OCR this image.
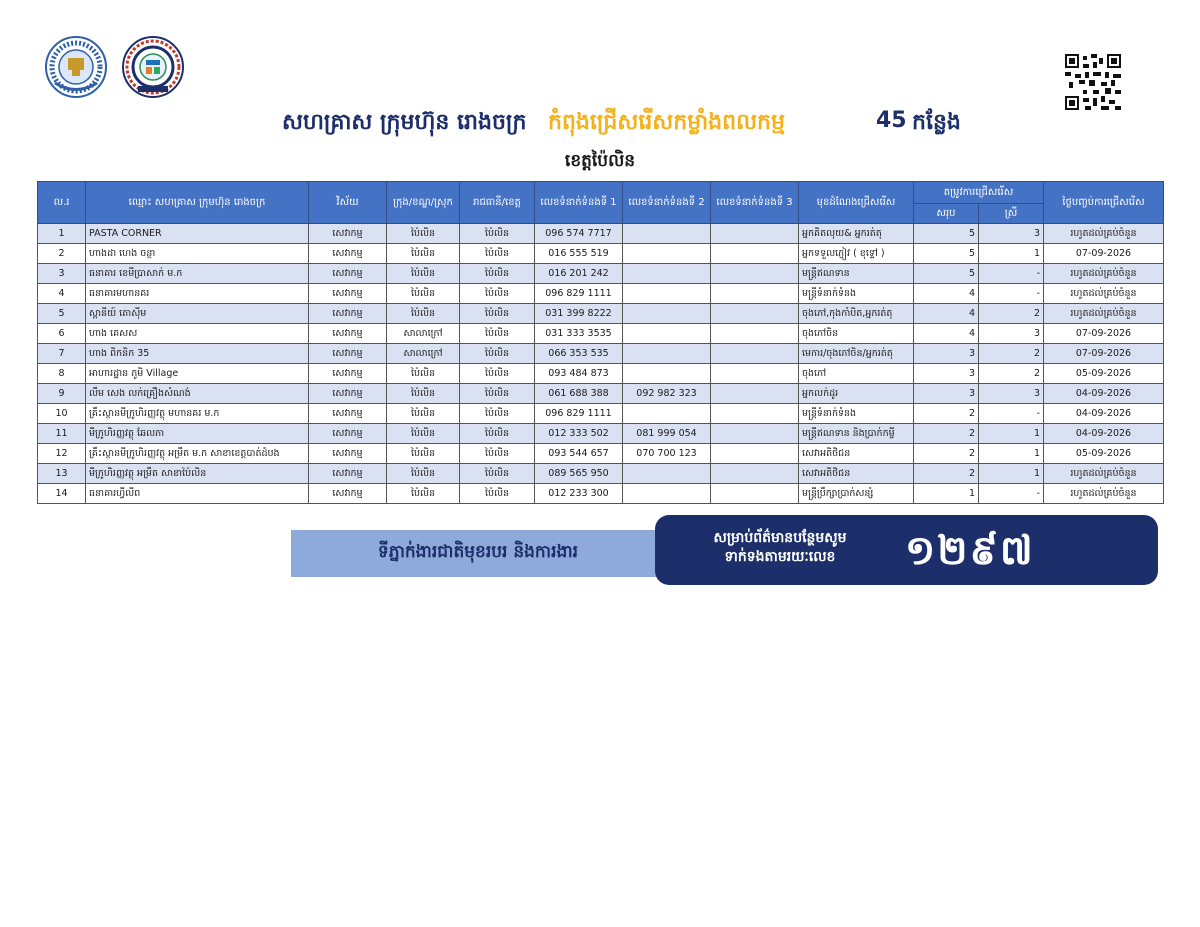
សហគ្រាស ក្រុមហ៊ុន រោងចក្រ កំពុងជ្រើសរើសកម្លាំងពលកម្ម	45 កន្លែង
ខេត្តប៉ៃលិន
ល.រ	ឈ្មោះ សហគ្រាស ក្រុមហ៊ុន រោងចក្រ	វិស័យ	ក្រុង/ខណ្ឌ/ស្រុក	រាជធានី/ខេត្ត	លេខទំនាក់ទំនងទី 1	លេខទំនាក់ទំនងទី 2	លេខទំនាក់ទំនងទី 3	មុខដំណែងជ្រើសរើស	តម្រូវការជ្រើសរើស		ថ្ងៃបញ្ចប់ការជ្រើសរើស
									សរុប	ស្រី	
1	PASTA CORNER	សេវាកម្ម	ប៉ៃលិន	ប៉ៃលិន	096 574 7717			អ្នកគិតលុយ& អ្នករត់តុ	5	3	រហូតដល់គ្រប់ចំនួន
2	ហាងដា ហេង ចន្ថា	សេវាកម្ម	ប៉ៃលិន	ប៉ៃលិន	016 555 519			អ្នកទទួលភ្ញៀវ ( ខុទ្ទៅ )	5	1	07-09-2026
3	ធនាគារ ខេមីប្រាសាក់ ម.ក	សេវាកម្ម	ប៉ៃលិន	ប៉ៃលិន	016 201 242			មន្ត្រីឥណទាន	5	-	រហូតដល់គ្រប់ចំនួន
4	ធនាគារមហានគរ	សេវាកម្ម	ប៉ៃលិន	ប៉ៃលិន	096 829 1111			មន្ត្រីទំនាក់ទំនង	4	-	រហូតដល់គ្រប់ចំនួន
5	ស្ពានីយ៍ តោស៊ីម	សេវាកម្ម	ប៉ៃលិន	ប៉ៃលិន	031 399 8222			ចុងភៅ,កុងកាំបិត,អ្នករត់តុ	4	2	រហូតដល់គ្រប់ចំនួន
6	ហាង គេសស	សេវាកម្ម	សាលាក្រៅ	ប៉ៃលិន	031 333 3535			ចុងភៅចិន	4	3	07-09-2026
7	ហាង ពិកនិក 35	សេវាកម្ម	សាលាក្រៅ	ប៉ៃលិន	066 353 535			មេការ/ចុងភៅចិន/អ្នករត់តុ	3	2	07-09-2026
8	អាហារដ្ឋាន ភូមិ Village	សេវាកម្ម	ប៉ៃលិន	ប៉ៃលិន	093 484 873			ចុងភៅ	3	2	05-09-2026
9	លឹម សេង លក់គ្រឿងសំណង់	សេវាកម្ម	ប៉ៃលិន	ប៉ៃលិន	061 688 388	092 982 323		អ្នកលក់ដូរ	3	3	04-09-2026
10	គ្រឹះស្ថានមីក្រូហិរញ្ញវត្ថុ មហានគរ ម.ក	សេវាកម្ម	ប៉ៃលិន	ប៉ៃលិន	096 829 1111			មន្ត្រីទំនាក់ទំនង	2	-	04-09-2026
11	មីក្រូហិរញ្ញវត្ថុ ឆែលភា	សេវាកម្ម	ប៉ៃលិន	ប៉ៃលិន	012 333 502	081 999 054		មន្ត្រីឥណទាន និងប្រាក់កម្ចី	2	1	04-09-2026
12	គ្រឹះស្ថានមីក្រូហិរញ្ញវត្ថុ អម្រឹត ម.ក សាខាខេត្តបាត់ដំបង	សេវាកម្ម	ប៉ៃលិន	ប៉ៃលិន	093 544 657	070 700 123		សេវាអតិថិជន	2	1	05-09-2026
13	មីក្រូហិរញ្ញវត្ថុ អម្រឹត សាខាប៉ៃលិន	សេវាកម្ម	ប៉ៃលិន	ប៉ៃលិន	089 565 950			សេវាអតិថិជន	2	1	រហូតដល់គ្រប់ចំនួន
14	ធនាគារហ្វីលីព	សេវាកម្ម	ប៉ៃលិន	ប៉ៃលិន	012 233 300			មន្ត្រីប្រឹក្សាប្រាក់សន្សំ	1	-	រហូតដល់គ្រប់ចំនួន
ទីភ្នាក់ងារជាតិមុខរបរ និងការងារ
សម្រាប់ព័ត៌មានបន្ថែមសូម
ទាក់ទងតាមរយៈលេខ	១២៩៧
